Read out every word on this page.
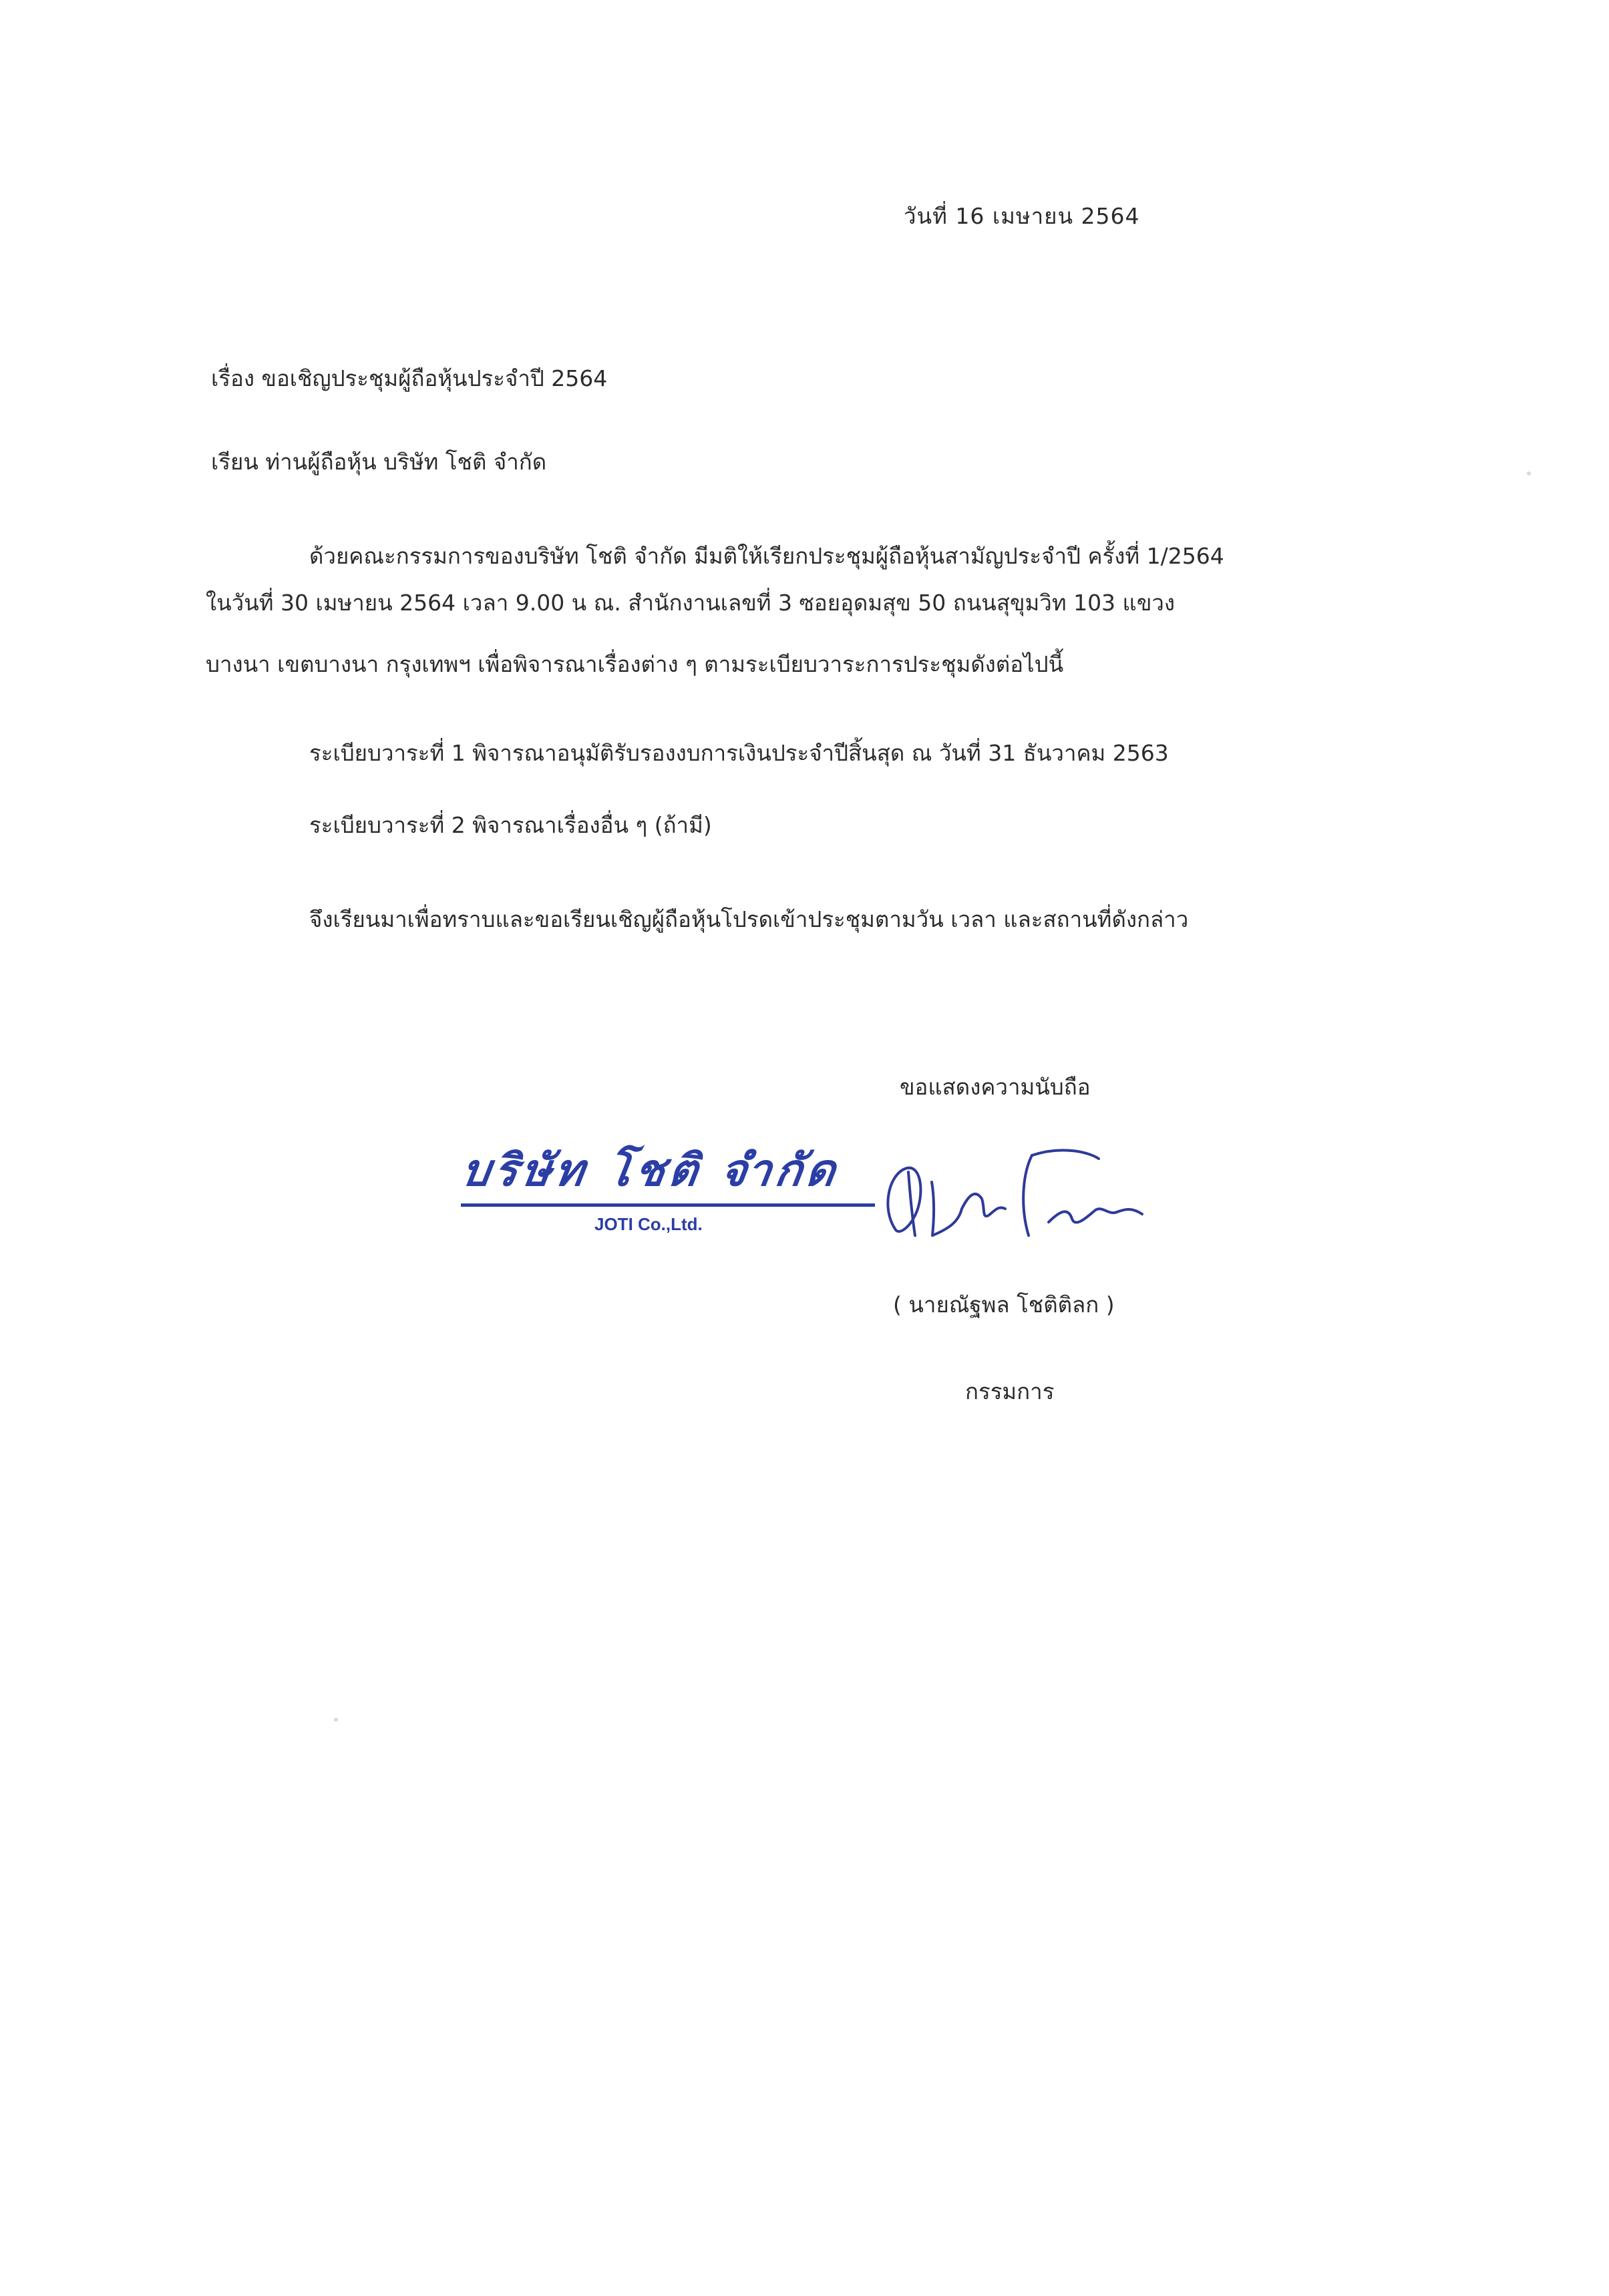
วันที่ 16 เมษายน 2564
เรื่อง ขอเชิญประชุมผู้ถือหุ้นประจำปี 2564
เรียน ท่านผู้ถือหุ้น บริษัท โชติ จำกัด
ด้วยคณะกรรมการของบริษัท โชติ จำกัด มีมติให้เรียกประชุมผู้ถือหุ้นสามัญประจำปี ครั้งที่ 1/2564
ในวันที่ 30 เมษายน 2564 เวลา 9.00 น ณ. สำนักงานเลขที่ 3 ซอยอุดมสุข 50 ถนนสุขุมวิท 103 แขวง
บางนา เขตบางนา กรุงเทพฯ เพื่อพิจารณาเรื่องต่าง ๆ ตามระเบียบวาระการประชุมดังต่อไปนี้
ระเบียบวาระที่ 1 พิจารณาอนุมัติรับรองงบการเงินประจำปีสิ้นสุด ณ วันที่ 31 ธันวาคม 2563
ระเบียบวาระที่ 2 พิจารณาเรื่องอื่น ๆ (ถ้ามี)
จึงเรียนมาเพื่อทราบและขอเรียนเชิญผู้ถือหุ้นโปรดเข้าประชุมตามวัน เวลา และสถานที่ดังกล่าว
ขอแสดงความนับถือ
บริษัท โชติ จำกัด
JOTI Co.,Ltd.
( นายณัฐพล โชติติลก )
กรรมการ
